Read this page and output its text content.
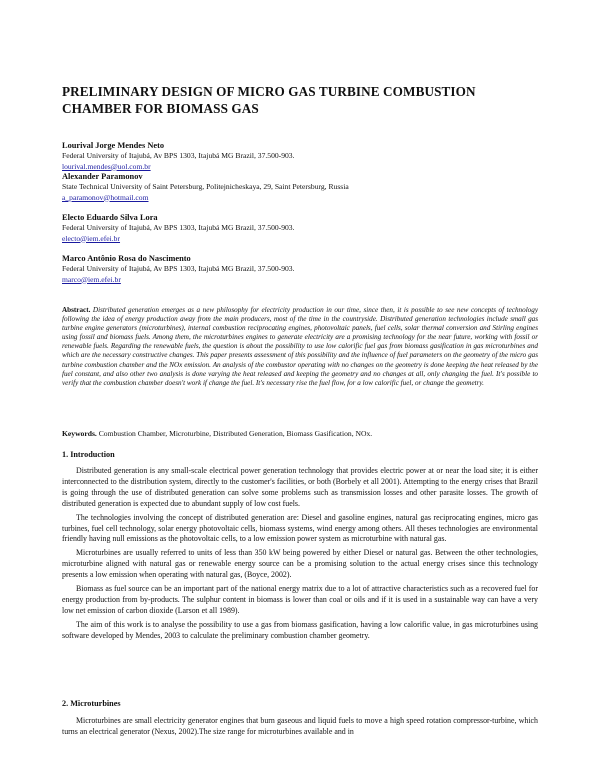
PRELIMINARY DESIGN OF MICRO GAS TURBINE COMBUSTION CHAMBER FOR BIOMASS GAS
Lourival Jorge Mendes Neto
Federal University of Itajubá, Av BPS 1303, Itajubá MG Brazil, 37.500-903.
lourival.mendes@uol.com.br
Alexander Paramonov
State Technical University of Saint Petersburg, Politejnicheskaya, 29, Saint Petersburg, Russia
a_paramonov@hotmail.com
Electo Eduardo Silva Lora
Federal University of Itajubá, Av BPS 1303, Itajubá MG Brazil, 37.500-903.
electo@iem.efei.br
Marco Antônio Rosa do Nascimento
Federal University of Itajubá, Av BPS 1303, Itajubá MG Brazil, 37.500-903.
marco@iem.efei.br
Abstract. Distributed generation emerges as a new philosophy for electricity production in our time, since then, it is possible to see new concepts of technology following the idea of energy production away from the main producers, most of the time in the countryside. Distributed generation technologies include small gas turbine engine generators (microturbines), internal combustion reciprocating engines, photovoltaic panels, fuel cells, solar thermal conversion and Stirling engines using fossil and biomass fuels. Among them, the microturbines engines to generate electricity are a promising technology for the near future, working with fossil or renewable fuels. Regarding the renewable fuels, the question is about the possibility to use low calorific fuel gas from biomass gasification in gas microturbines and which are the necessary constructive changes. This paper presents assessment of this possibility and the influence of fuel parameters on the geometry of the micro gas turbine combustion chamber and the NOx emission. An analysis of the combustor operating with no changes on the geometry is done keeping the heat released by the fuel constant, and also other two analysis is done varying the heat released and keeping the geometry and no changes at all, only changing the fuel. It's possible to verify that the combustion chamber doesn't work if change the fuel. It's necessary rise the fuel flow, for a low calorific fuel, or change the geometry.
Keywords. Combustion Chamber, Microturbine, Distributed Generation, Biomass Gasification, NOx.
1. Introduction

Distributed generation is any small-scale electrical power generation technology that provides electric power at or near the load site; it is either interconnected to the distribution system, directly to the customer's facilities, or both (Borbely et all 2001). Attempting to the energy crises that Brazil is going through the use of distributed generation can solve some problems such as transmission losses and other parasite losses. The growth of distributed generation is expected due to abundant supply of low cost fuels.

The technologies involving the concept of distributed generation are: Diesel and gasoline engines, natural gas reciprocating engines, micro gas turbines, fuel cell technology, solar energy photovoltaic cells, biomass systems, wind energy among others. All theses technologies are environmental friendly having null emissions as the photovoltaic cells, to a low emission power system as microturbine with natural gas.

Microturbines are usually referred to units of less than 350 kW being powered by either Diesel or natural gas. Between the other technologies, microturbine aligned with natural gas or renewable energy source can be a promising solution to the actual energy crises since this technology presents a low emission when operating with natural gas, (Boyce, 2002).

Biomass as fuel source can be an important part of the national energy matrix due to a lot of attractive characteristics such as a recovered fuel for energy production from by-products. The sulphur content in biomass is lower than coal or oils and if it is used in a sustainable way can have a very low net emission of carbon dioxide (Larson et all 1989).

The aim of this work is to analyse the possibility to use a gas from biomass gasification, having a low calorific value, in gas microturbines using software developed by Mendes, 2003 to calculate the preliminary combustion chamber geometry.

2. Microturbines

Microturbines are small electricity generator engines that burn gaseous and liquid fuels to move a high speed rotation compressor-turbine, which turns an electrical generator (Nexus, 2002).The size range for microturbines available and in
